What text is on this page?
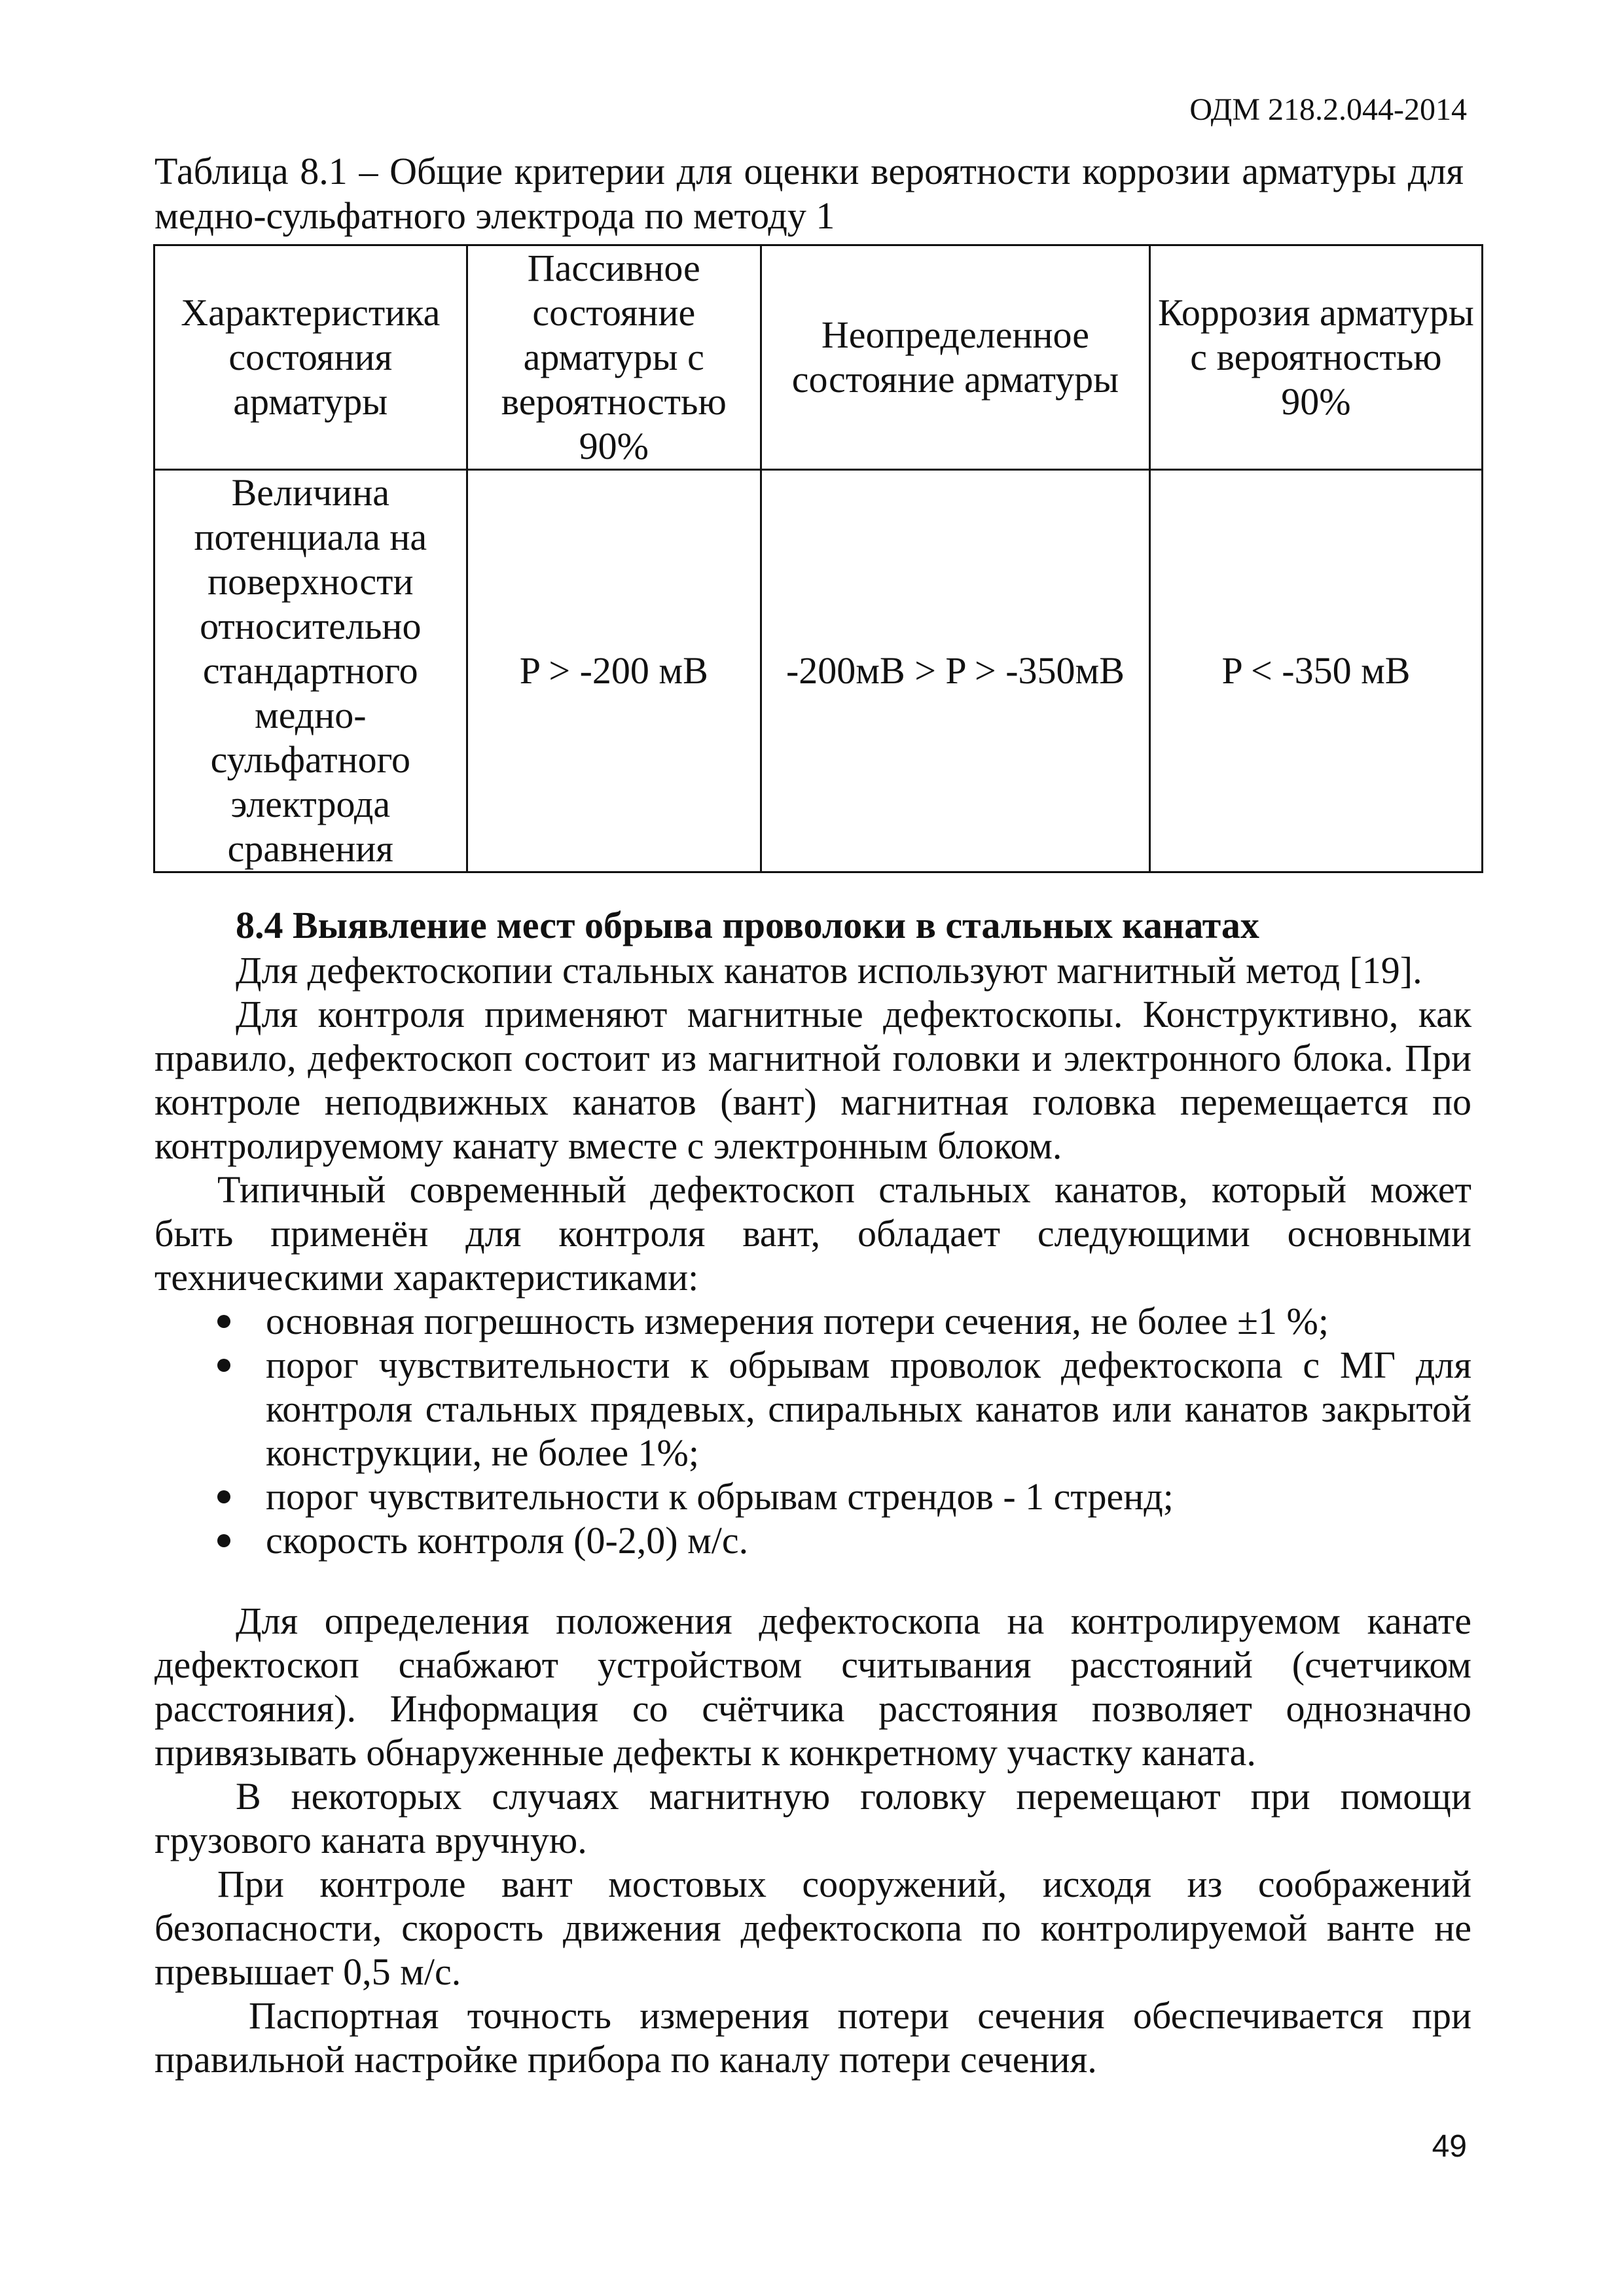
ОДМ 218.2.044-2014
Таблица 8.1 – Общие критерии для оценки вероятности коррозии арматуры для медно-сульфатного электрода по методу 1
Характеристика состояния арматуры	Пассивное состояние арматуры с вероятностью 90%	Неопределенное состояние арматуры	Коррозия арматуры с вероятностью 90%
Величина потенциала на поверхности относительно стандартного медно-сульфатного электрода сравнения	P > -200 мВ	-200мВ > P > -350мВ	P < -350 мВ
8.4 Выявление мест обрыва проволоки в стальных канатах
Для дефектоскопии стальных канатов используют магнитный метод [19].
Для контроля применяют магнитные дефектоскопы. Конструктивно, как правило, дефектоскоп состоит из магнитной головки и электронного блока. При контроле неподвижных канатов (вант) магнитная головка перемещается по контролируемому канату вместе с электронным блоком.
Типичный современный дефектоскоп стальных канатов, который может быть применён для контроля вант, обладает следующими основными техническими характеристиками:
основная погрешность измерения потери сечения, не более ±1 %;
порог чувствительности к обрывам проволок дефектоскопа с МГ для контроля стальных прядевых, спиральных канатов или канатов закрытой конструкции, не более 1%;
порог чувствительности к обрывам стрендов - 1 стренд;
скорость контроля (0-2,0) м/с.
Для определения положения дефектоскопа на контролируемом канате дефектоскоп снабжают устройством считывания расстояний (счетчиком расстояния). Информация со счётчика расстояния позволяет однозначно привязывать обнаруженные дефекты к конкретному участку каната.
В некоторых случаях магнитную головку перемещают при помощи грузового каната вручную.
При контроле вант мостовых сооружений, исходя из соображений безопасности, скорость движения дефектоскопа по контролируемой ванте не превышает 0,5 м/с.
Паспортная точность измерения потери сечения обеспечивается при правильной настройке прибора по каналу потери сечения.
49
